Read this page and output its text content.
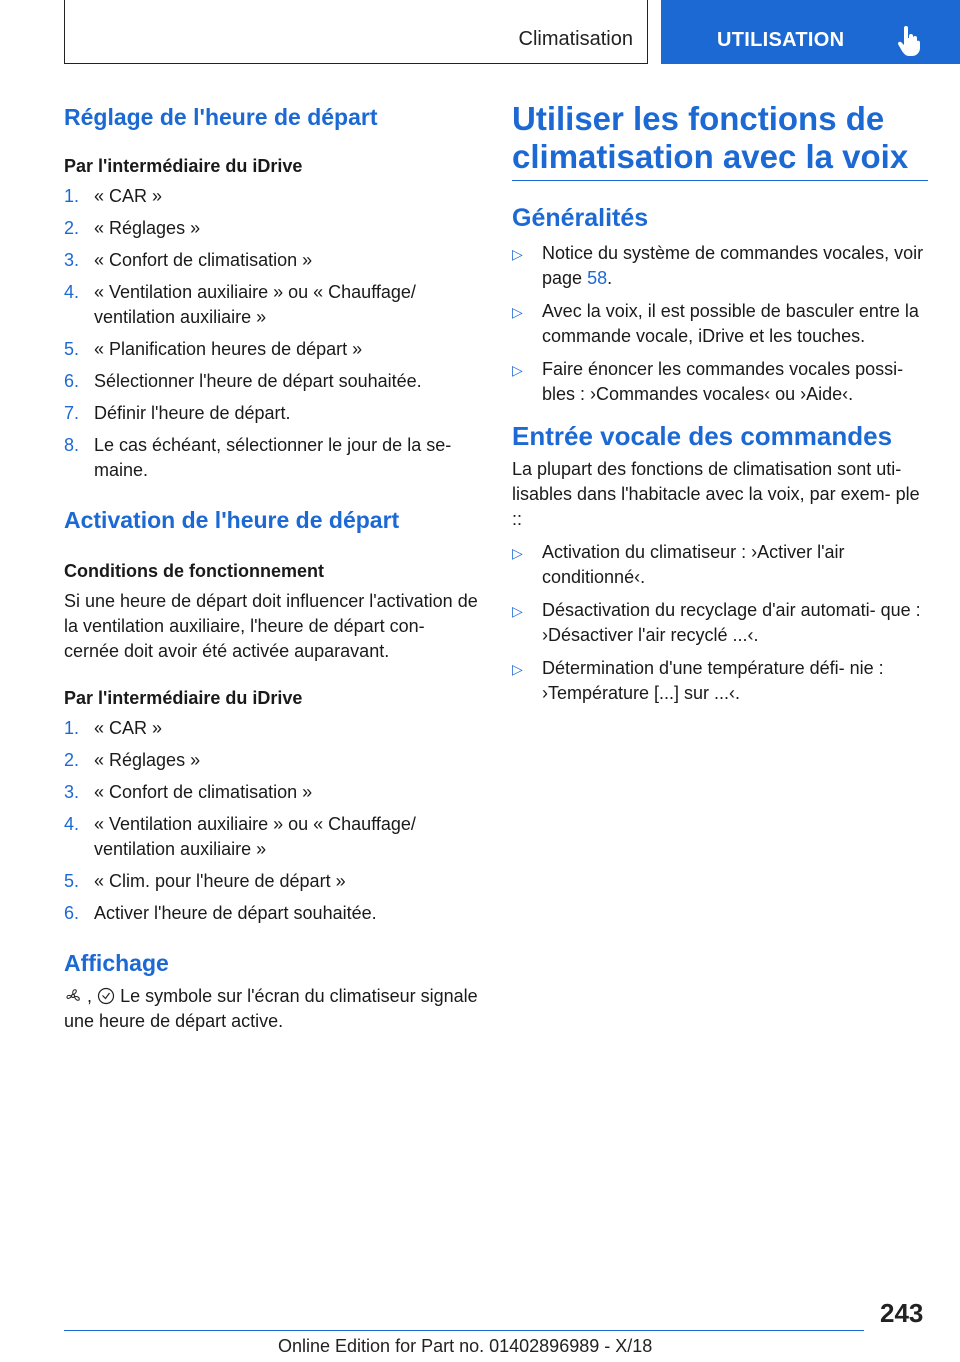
Climatisation	UTILISATION
Réglage de l'heure de départ
Par l'intermédiaire du iDrive
1. « CAR »
2. « Réglages »
3. « Confort de climatisation »
4. « Ventilation auxiliaire » ou « Chauffage/ ventilation auxiliaire »
5. « Planification heures de départ »
6. Sélectionner l'heure de départ souhaitée.
7. Définir l'heure de départ.
8. Le cas échéant, sélectionner le jour de la se- maine.
Activation de l'heure de départ
Conditions de fonctionnement

Si une heure de départ doit influencer l'activation de la ventilation auxiliaire, l'heure de départ con- cernée doit avoir été activée auparavant.

Par l'intermédiaire du iDrive
1. « CAR »
2. « Réglages »
3. « Confort de climatisation »
4. « Ventilation auxiliaire » ou « Chauffage/ ventilation auxiliaire »
5. « Clim. pour l'heure de départ »
6. Activer l'heure de départ souhaitée.
Affichage

, Le symbole sur l'écran du climatiseur signale une heure de départ active.

Utiliser les fonctions de climatisation avec la voix
Généralités
▷ Notice du système de commandes vocales, voir page 58.
▷ Avec la voix, il est possible de basculer entre la commande vocale, iDrive et les touches.
▷ Faire énoncer les commandes vocales possi- bles : ›Commandes vocales‹ ou ›Aide‹.
Entrée vocale des commandes

La plupart des fonctions de climatisation sont uti- lisables dans l'habitacle avec la voix, par exem- ple ::

▷ Activation du climatiseur : ›Activer l'air conditionné‹.
▷ Désactivation du recyclage d'air automati- que : ›Désactiver l'air recyclé ...‹.
▷ Détermination d'une température défi- nie : ›Température [...] sur ...‹.
243
Online Edition for Part no. 01402896989 - X/18
